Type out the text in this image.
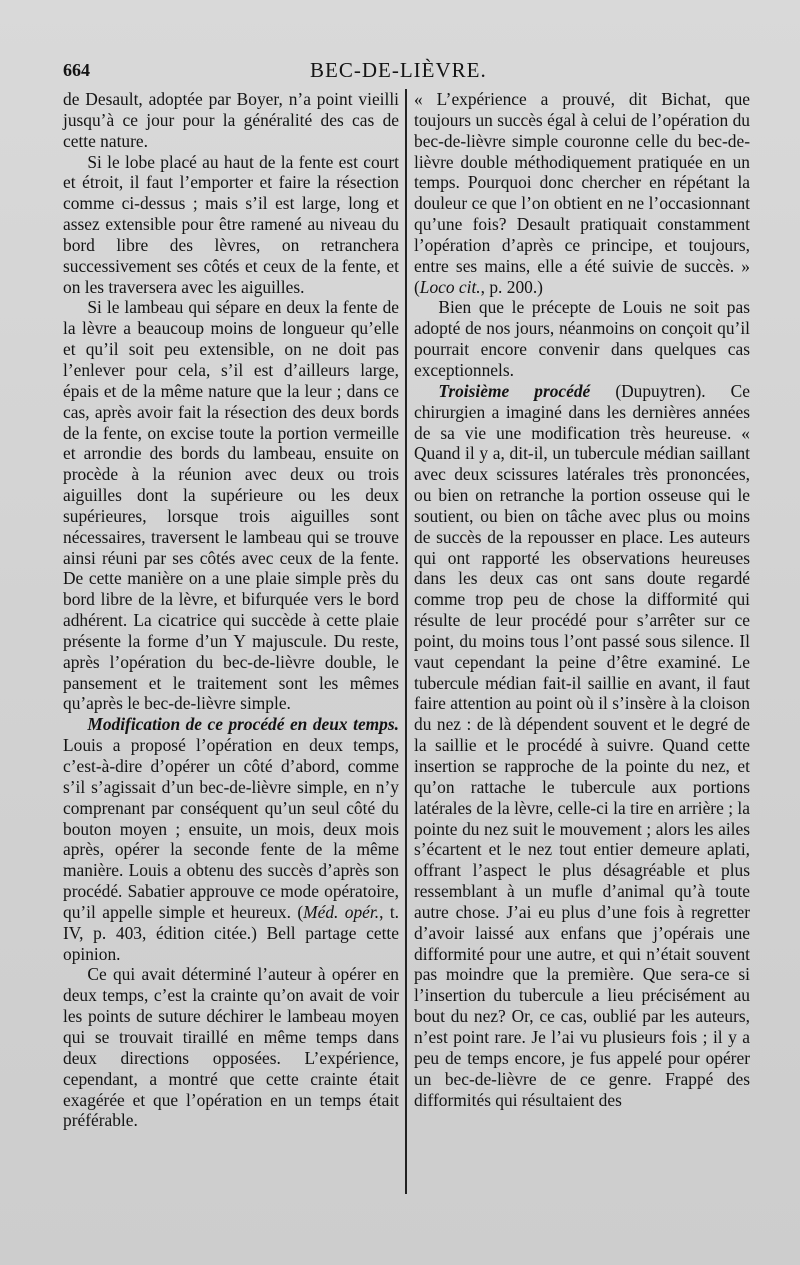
664	BEC-DE-LIÈVRE.

de Desault, adoptée par Boyer, n’a point vieilli jusqu’à ce jour pour la généralité des cas de cette nature.

Si le lobe placé au haut de la fente est court et étroit, il faut l’emporter et faire la résection comme ci-dessus ; mais s’il est large, long et assez extensible pour être ramené au niveau du bord libre des lèvres, on retranchera successivement ses côtés et ceux de la fente, et on les traversera avec les aiguilles.

Si le lambeau qui sépare en deux la fente de la lèvre a beaucoup moins de longueur qu’elle et qu’il soit peu extensible, on ne doit pas l’enlever pour cela, s’il est d’ailleurs large, épais et de la même nature que la leur ; dans ce cas, après avoir fait la résection des deux bords de la fente, on excise toute la portion vermeille et arrondie des bords du lambeau, ensuite on procède à la réunion avec deux ou trois aiguilles dont la supérieure ou les deux supérieures, lorsque trois aiguilles sont nécessaires, traversent le lambeau qui se trouve ainsi réuni par ses côtés avec ceux de la fente. De cette manière on a une plaie simple près du bord libre de la lèvre, et bifurquée vers le bord adhérent. La cicatrice qui succède à cette plaie présente la forme d’un Y majuscule. Du reste, après l’opération du bec-de-lièvre double, le pansement et le traitement sont les mêmes qu’après le bec-de-lièvre simple.

Modification de ce procédé en deux temps. Louis a proposé l’opération en deux temps, c’est-à-dire d’opérer un côté d’abord, comme s’il s’agissait d’un bec-de-lièvre simple, en n’y comprenant par conséquent qu’un seul côté du bouton moyen ; ensuite, un mois, deux mois après, opérer la seconde fente de la même manière. Louis a obtenu des succès d’après son procédé. Sabatier approuve ce mode opératoire, qu’il appelle simple et heureux. (Méd. opér., t. IV, p. 403, édition citée.) Bell partage cette opinion.

Ce qui avait déterminé l’auteur à opérer en deux temps, c’est la crainte qu’on avait de voir les points de suture déchirer le lambeau moyen qui se trouvait tiraillé en même temps dans deux directions opposées. L’expérience, cependant, a montré que cette crainte était exagérée et que l’opération en un temps était préférable.

« L’expérience a prouvé, dit Bichat, que toujours un succès égal à celui de l’opération du bec-de-lièvre simple couronne celle du bec-de-lièvre double méthodiquement pratiquée en un temps. Pourquoi donc chercher en répétant la douleur ce que l’on obtient en ne l’occasionnant qu’une fois? Desault pratiquait constamment l’opération d’après ce principe, et toujours, entre ses mains, elle a été suivie de succès. » (Loco cit., p. 200.)

Bien que le précepte de Louis ne soit pas adopté de nos jours, néanmoins on conçoit qu’il pourrait encore convenir dans quelques cas exceptionnels.

Troisième procédé (Dupuytren). Ce chirurgien a imaginé dans les dernières années de sa vie une modification très heureuse. « Quand il y a, dit-il, un tubercule médian saillant avec deux scissures latérales très prononcées, ou bien on retranche la portion osseuse qui le soutient, ou bien on tâche avec plus ou moins de succès de la repousser en place. Les auteurs qui ont rapporté les observations heureuses dans les deux cas ont sans doute regardé comme trop peu de chose la difformité qui résulte de leur procédé pour s’arrêter sur ce point, du moins tous l’ont passé sous silence. Il vaut cependant la peine d’être examiné. Le tubercule médian fait-il saillie en avant, il faut faire attention au point où il s’insère à la cloison du nez : de là dépendent souvent et le degré de la saillie et le procédé à suivre. Quand cette insertion se rapproche de la pointe du nez, et qu’on rattache le tubercule aux portions latérales de la lèvre, celle-ci la tire en arrière ; la pointe du nez suit le mouvement ; alors les ailes s’écartent et le nez tout entier demeure aplati, offrant l’aspect le plus désagréable et plus ressemblant à un mufle d’animal qu’à toute autre chose. J’ai eu plus d’une fois à regretter d’avoir laissé aux enfans que j’opérais une difformité pour une autre, et qui n’était souvent pas moindre que la première. Que sera-ce si l’insertion du tubercule a lieu précisément au bout du nez? Or, ce cas, oublié par les auteurs, n’est point rare. Je l’ai vu plusieurs fois ; il y a peu de temps encore, je fus appelé pour opérer un bec-de-lièvre de ce genre. Frappé des difformités qui résultaient des
